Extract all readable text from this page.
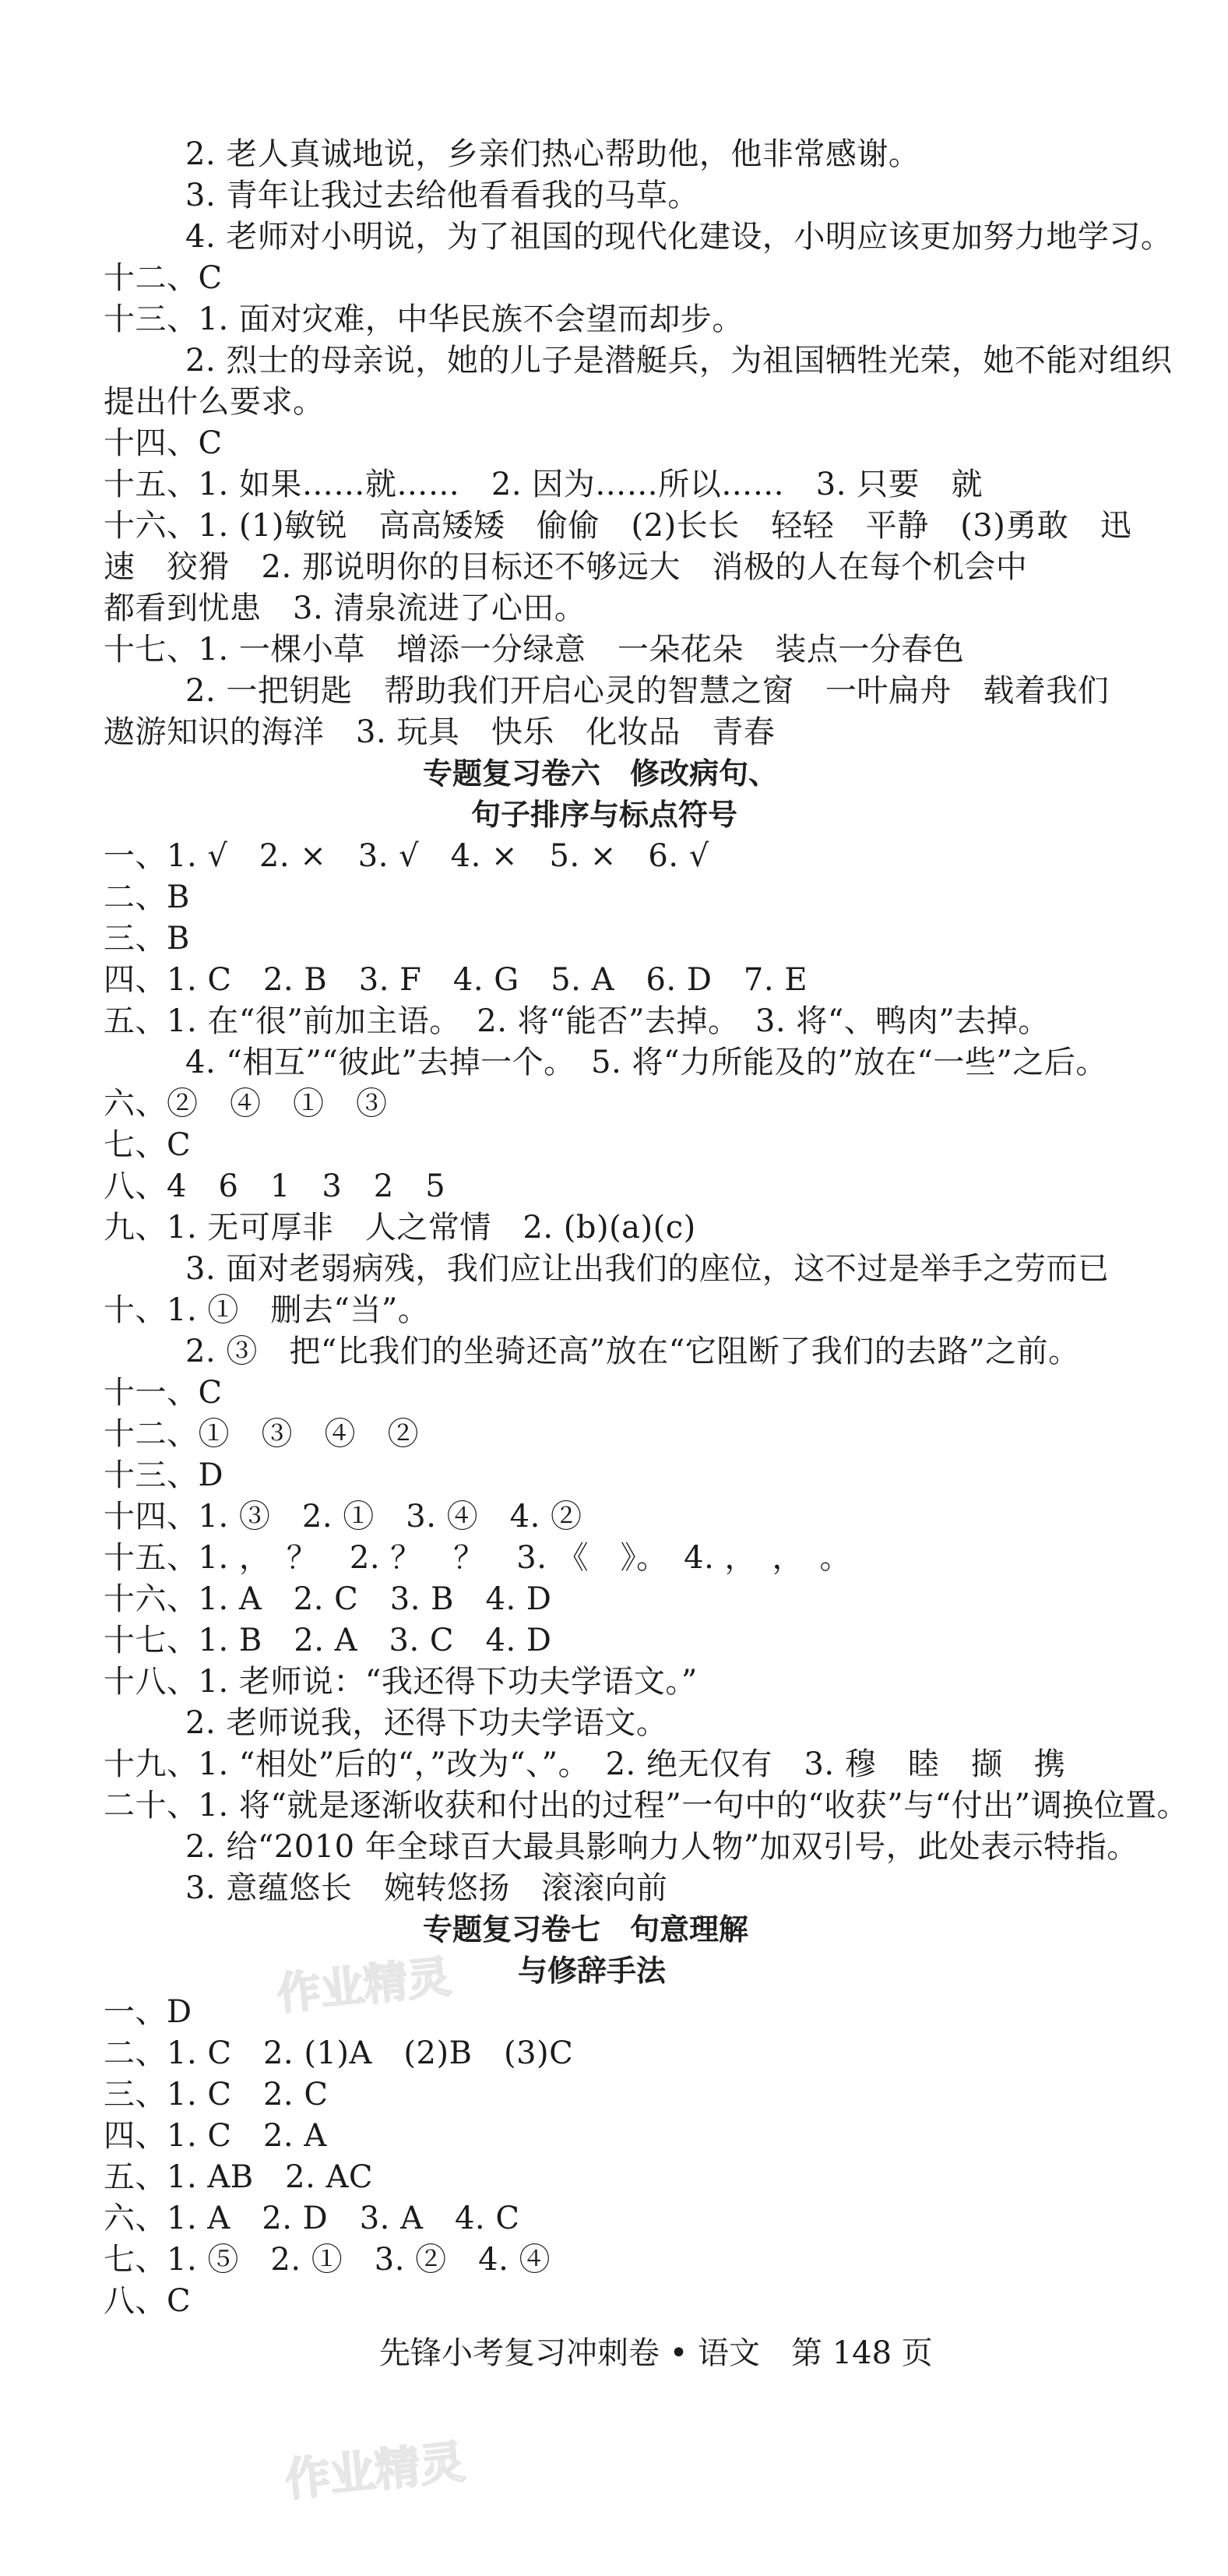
2. 老人真诚地说，乡亲们热心帮助他，他非常感谢。
3. 青年让我过去给他看看我的马草。
4. 老师对小明说，为了祖国的现代化建设，小明应该更加努力地学习。
十二、C
十三、1. 面对灾难，中华民族不会望而却步。
2. 烈士的母亲说，她的儿子是潜艇兵，为祖国牺牲光荣，她不能对组织
提出什么要求。
十四、C
十五、1. 如果……就……　2. 因为……所以……　3. 只要　就
十六、1. (1)敏锐　高高矮矮　偷偷　(2)长长　轻轻　平静　(3)勇敢　迅
速　狡猾　2. 那说明你的目标还不够远大　消极的人在每个机会中
都看到忧患　3. 清泉流进了心田。
十七、1. 一棵小草　增添一分绿意　一朵花朵　装点一分春色
2. 一把钥匙　帮助我们开启心灵的智慧之窗　一叶扁舟　载着我们
遨游知识的海洋　3. 玩具　快乐　化妆品　青春
专题复习卷六　修改病句、
句子排序与标点符号
一、1. √　2. ×　3. √　4. ×　5. ×　6. √
二、B
三、B
四、1. C　2. B　3. F　4. G　5. A　6. D　7. E
五、1. 在“很”前加主语。　2. 将“能否”去掉。　3. 将“、鸭肉”去掉。
4. “相互”“彼此”去掉一个。　5. 将“力所能及的”放在“一些”之后。
六、②　④　①　③
七、C
八、4　6　1　3　2　5
九、1. 无可厚非　人之常情　2. (b)(a)(c)
3. 面对老弱病残，我们应让出我们的座位，这不过是举手之劳而已
十、1. ①　删去“当”。
2. ③　把“比我们的坐骑还高”放在“它阻断了我们的去路”之前。
十一、C
十二、①　③　④　②
十三、D
十四、1. ③　2. ①　3. ④　4. ②
十五、1. ，　？　2. ？　？　3. 《　》。　4. ，　，　。
十六、1. A　2. C　3. B　4. D
十七、1. B　2. A　3. C　4. D
十八、1. 老师说：“我还得下功夫学语文。”
2. 老师说我，还得下功夫学语文。
十九、1. “相处”后的“，”改为“、”。　2. 绝无仅有　3. 穆　睦　撷　携
二十、1. 将“就是逐渐收获和付出的过程”一句中的“收获”与“付出”调换位置。
2. 给“2010 年全球百大最具影响力人物”加双引号，此处表示特指。
3. 意蕴悠长　婉转悠扬　滚滚向前
专题复习卷七　句意理解
与修辞手法
一、D
二、1. C　2. (1)A　(2)B　(3)C
三、1. C　2. C
四、1. C　2. A
五、1. AB　2. AC
六、1. A　2. D　3. A　4. C
七、1. ⑤　2. ①　3. ②　4. ④
八、C
先锋小考复习冲刺卷 • 语文　第 148 页
作业精灵
作业精灵
